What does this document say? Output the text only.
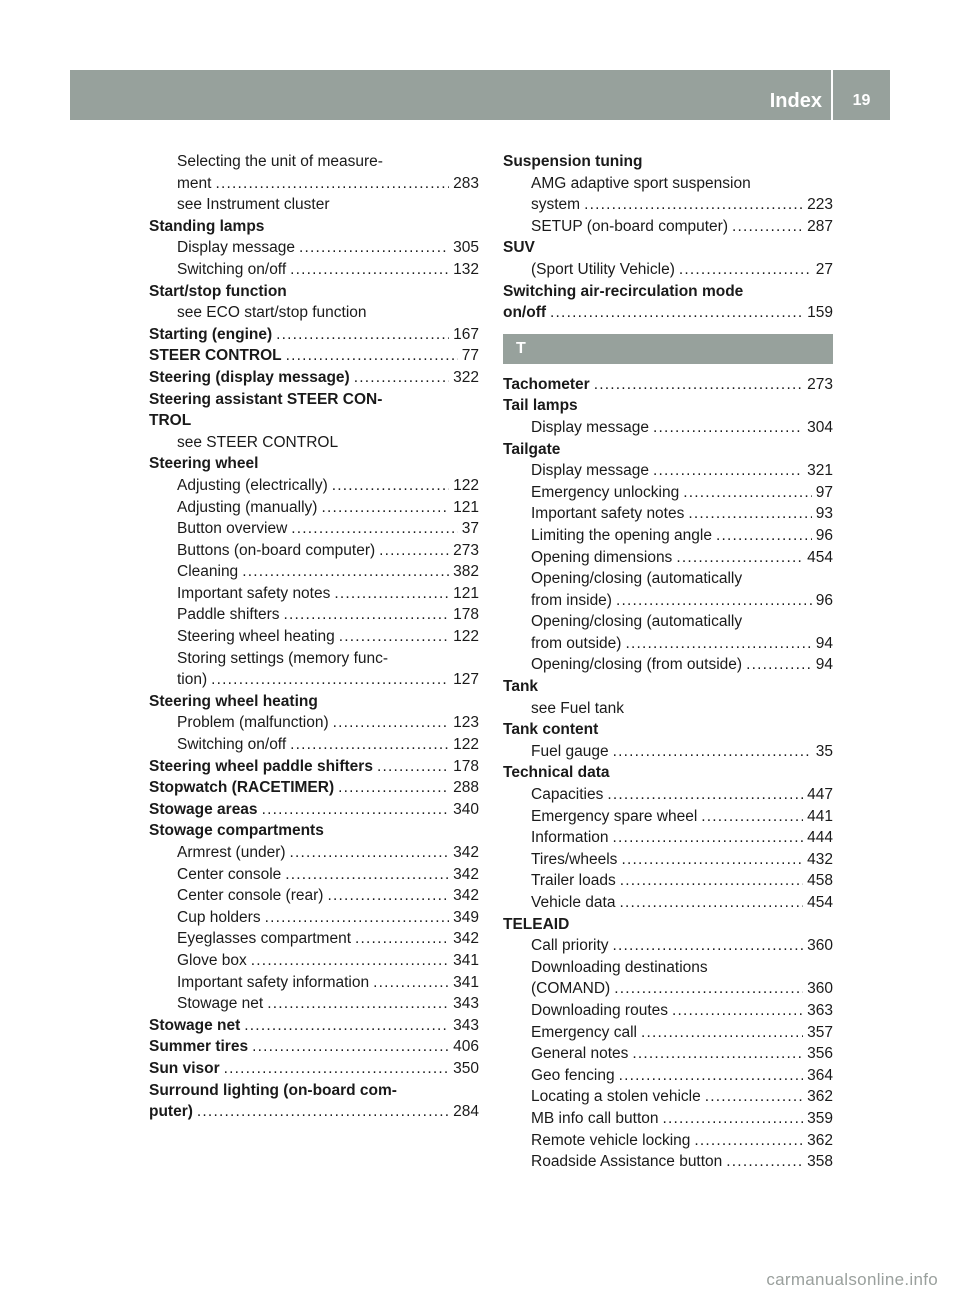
Index	19
Selecting the unit of measure-
ment .....	283
see Instrument cluster
Standing lamps
Display message .....	305
Switching on/off .....	132
Start/stop function
see ECO start/stop function
Starting (engine) .....	167
STEER CONTROL .....	77
Steering (display message) .....	322
Steering assistant STEER CON-
TROL
see STEER CONTROL
Steering wheel
Adjusting (electrically) .....	122
Adjusting (manually) .....	121
Button overview .....	37
Buttons (on-board computer) .....	273
Cleaning .....	382
Important safety notes .....	121
Paddle shifters .....	178
Steering wheel heating .....	122
Storing settings (memory func-
tion) .....	127
Steering wheel heating
Problem (malfunction) .....	123
Switching on/off .....	122
Steering wheel paddle shifters .....	178
Stopwatch (RACETIMER) .....	288
Stowage areas .....	340
Stowage compartments
Armrest (under) .....	342
Center console .....	342
Center console (rear) .....	342
Cup holders .....	349
Eyeglasses compartment .....	342
Glove box .....	341
Important safety information .....	341
Stowage net .....	343
Stowage net .....	343
Summer tires .....	406
Sun visor .....	350
Surround lighting (on-board com-
puter) .....	284
Suspension tuning
AMG adaptive sport suspension
system .....	223
SETUP (on-board computer) .....	287
SUV
(Sport Utility Vehicle) .....	27
Switching air-recirculation mode
on/off .....	159
T
Tachometer .....	273
Tail lamps
Display message .....	304
Tailgate
Display message .....	321
Emergency unlocking .....	97
Important safety notes .....	93
Limiting the opening angle .....	96
Opening dimensions .....	454
Opening/closing (automatically
from inside) .....	96
Opening/closing (automatically
from outside) .....	94
Opening/closing (from outside) .....	94
Tank
see Fuel tank
Tank content
Fuel gauge .....	35
Technical data
Capacities .....	447
Emergency spare wheel .....	441
Information .....	444
Tires/wheels .....	432
Trailer loads .....	458
Vehicle data .....	454
TELEAID
Call priority .....	360
Downloading destinations
(COMAND) .....	360
Downloading routes .....	363
Emergency call .....	357
General notes .....	356
Geo fencing .....	364
Locating a stolen vehicle .....	362
MB info call button .....	359
Remote vehicle locking .....	362
Roadside Assistance button .....	358
carmanualsonline.info
